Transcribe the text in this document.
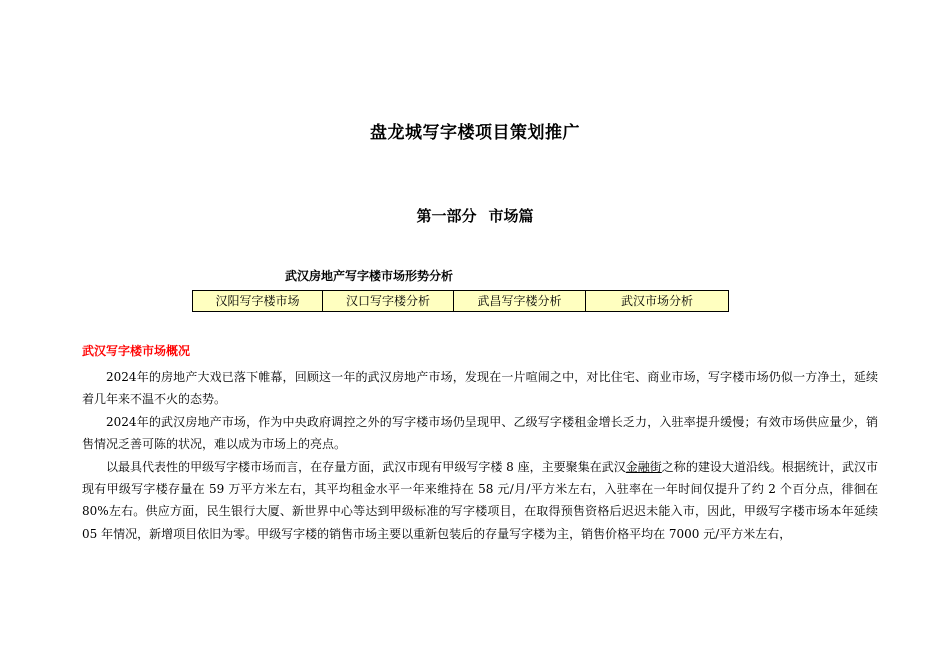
盘龙城写字楼项目策划推广
第一部分 市场篇
武汉房地产写字楼市场形势分析
汉阳写字楼市场	汉口写字楼分析	武昌写字楼分析	武汉市场分析
武汉写字楼市场概况

2024年的房地产大戏已落下帷幕，回顾这一年的武汉房地产市场，发现在一片喧闹之中，对比住宅、商业市场，写字楼市场仍似一方净土，延续着几年来不温不火的态势。

2024年的武汉房地产市场，作为中央政府调控之外的写字楼市场仍呈现甲、乙级写字楼租金增长乏力，入驻率提升缓慢；有效市场供应量少，销售情况乏善可陈的状况，难以成为市场上的亮点。

以最具代表性的甲级写字楼市场而言，在存量方面，武汉市现有甲级写字楼 8 座，主要聚集在武汉金融街之称的建设大道沿线。根据统计，武汉市现有甲级写字楼存量在 59 万平方米左右，其平均租金水平一年来维持在 58 元/月/平方米左右，入驻率在一年时间仅提升了约 2 个百分点，徘徊在 80%左右。供应方面，民生银行大厦、新世界中心等达到甲级标准的写字楼项目，在取得预售资格后迟迟未能入市，因此，甲级写字楼市场本年延续 05 年情况，新增项目依旧为零。甲级写字楼的销售市场主要以重新包装后的存量写字楼为主，销售价格平均在 7000 元/平方米左右，
